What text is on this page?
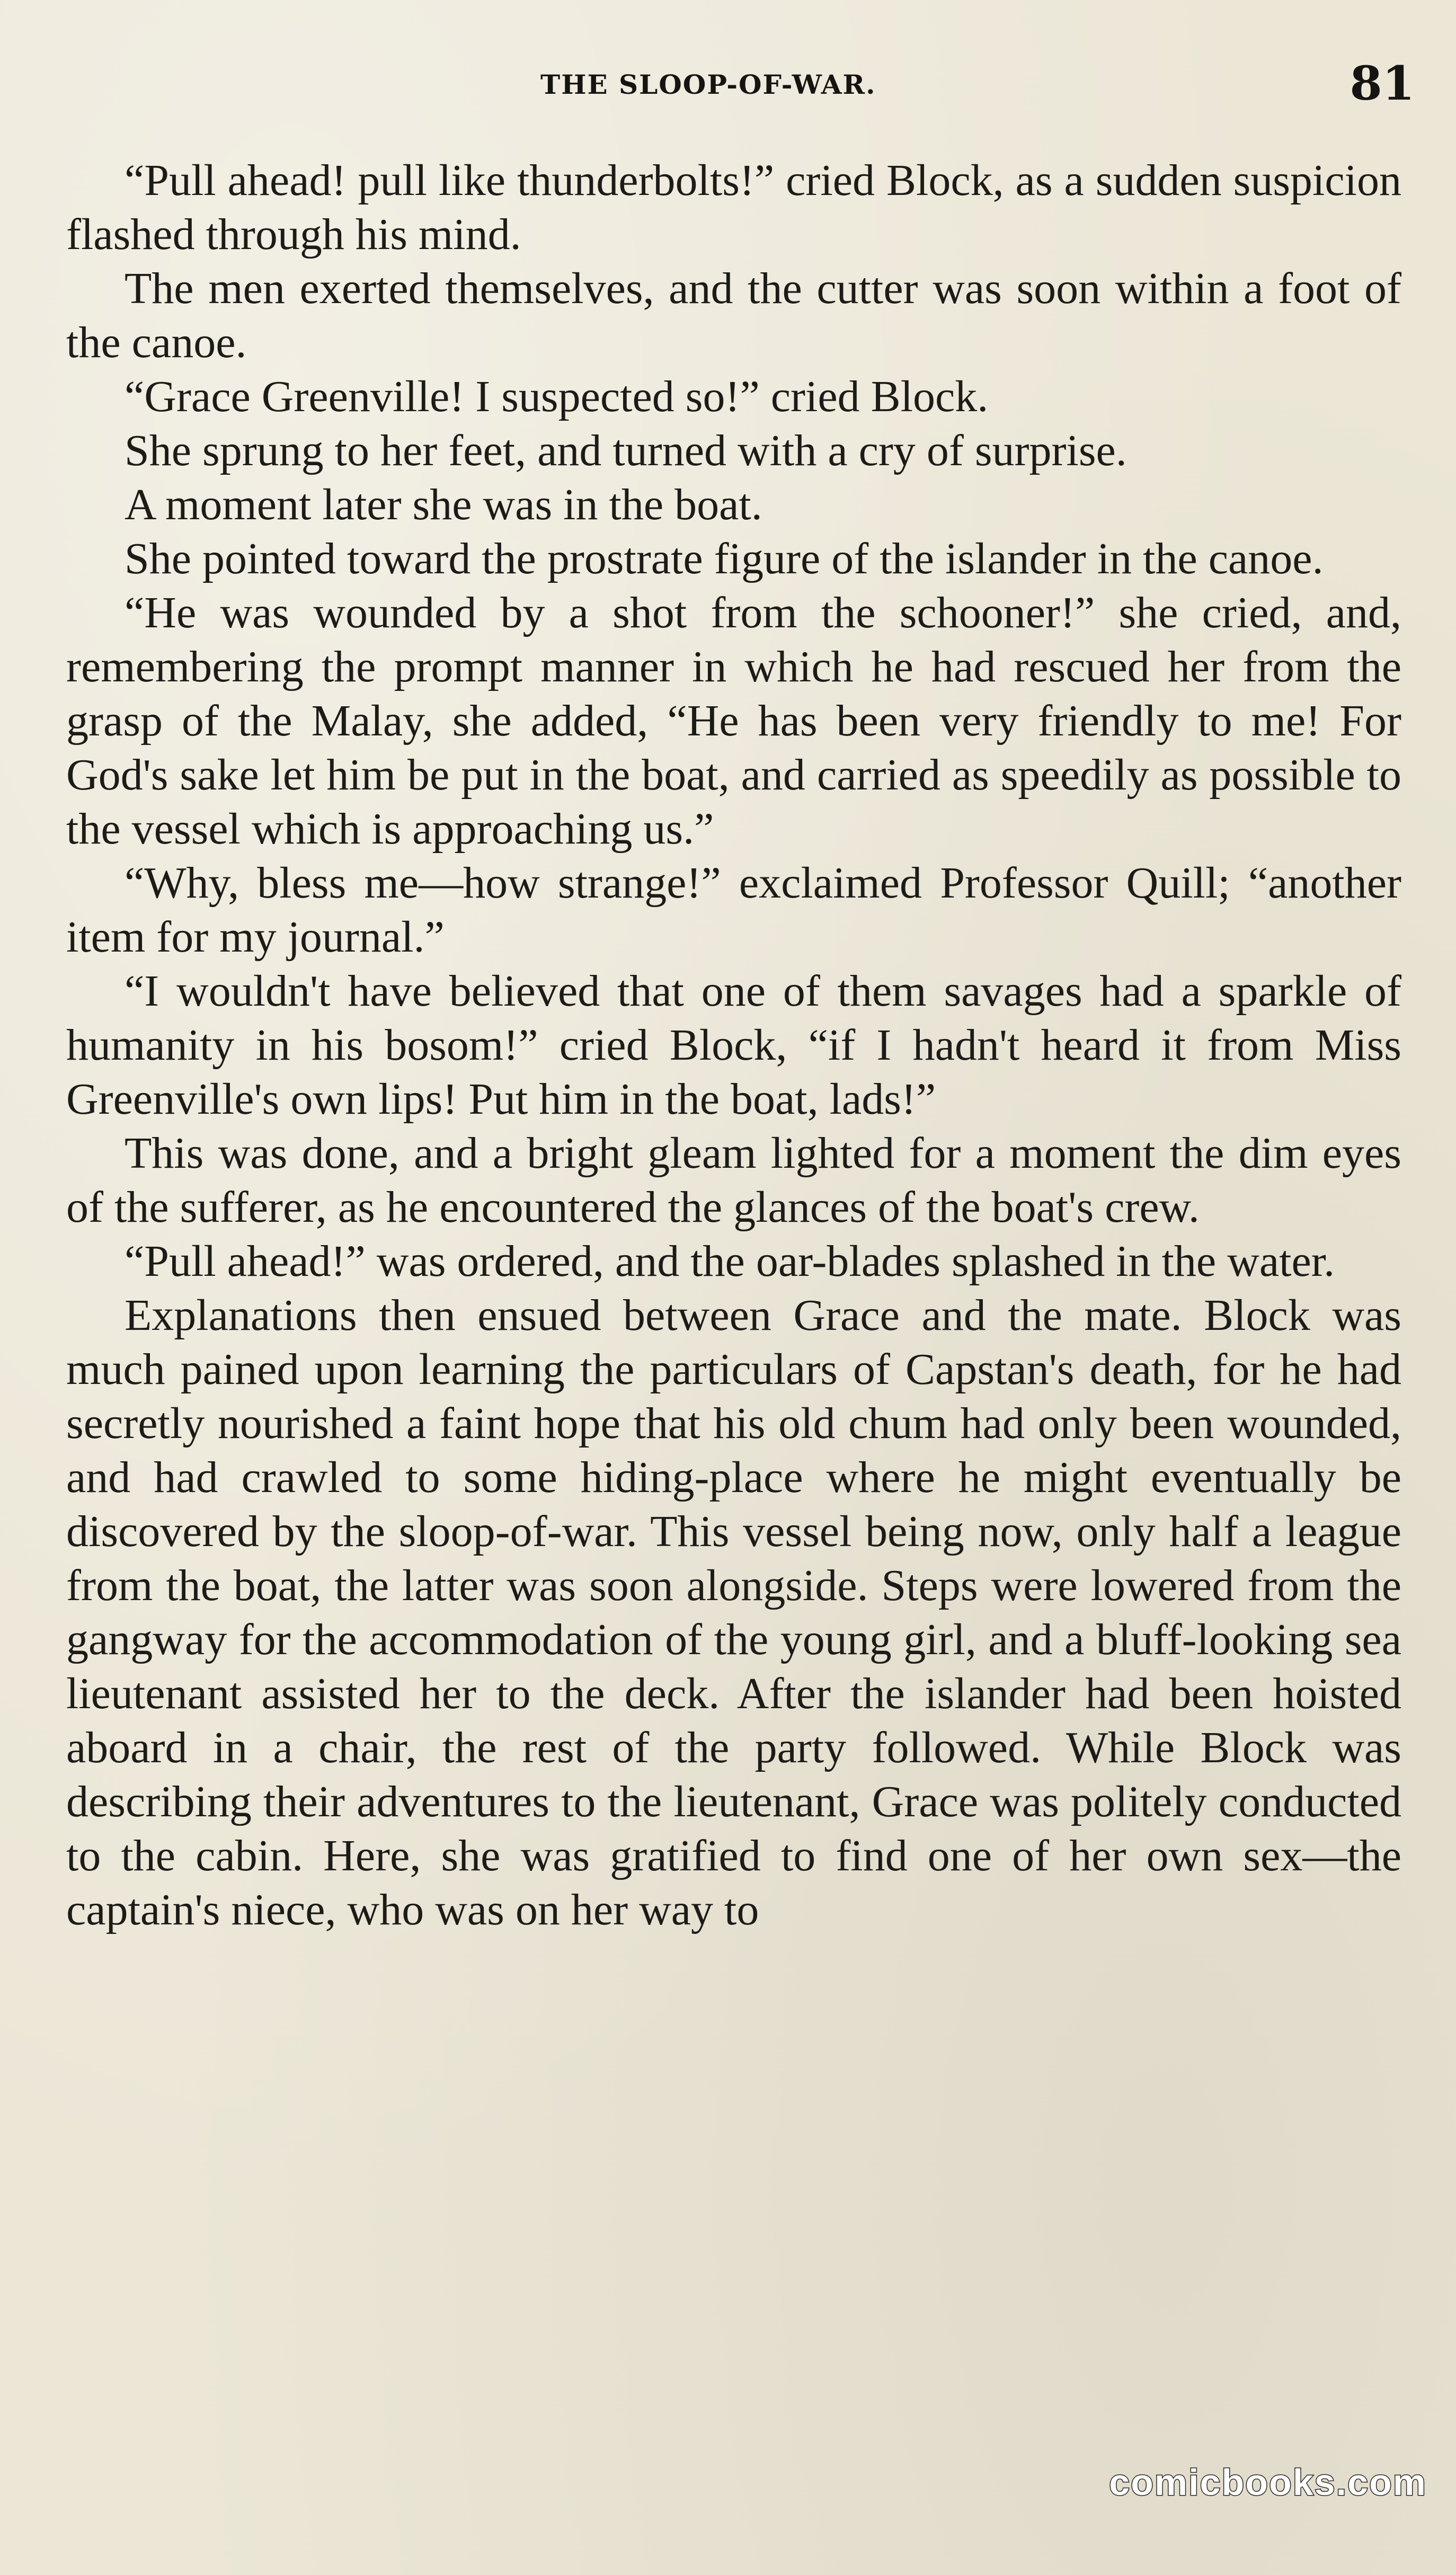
THE SLOOP-OF-WAR.	81

“Pull ahead! pull like thunderbolts!” cried Block, as a sudden suspicion flashed through his mind.

The men exerted themselves, and the cutter was soon within a foot of the canoe.

“Grace Greenville! I suspected so!” cried Block.

She sprung to her feet, and turned with a cry of surprise.

A moment later she was in the boat.

She pointed toward the prostrate figure of the islander in the canoe.

“He was wounded by a shot from the schooner!” she cried, and, remembering the prompt manner in which he had rescued her from the grasp of the Malay, she added, “He has been very friendly to me! For God's sake let him be put in the boat, and carried as speedily as possible to the vessel which is approaching us.”

“Why, bless me—how strange!” exclaimed Professor Quill; “another item for my journal.”

“I wouldn't have believed that one of them savages had a sparkle of humanity in his bosom!” cried Block, “if I hadn't heard it from Miss Greenville's own lips! Put him in the boat, lads!”

This was done, and a bright gleam lighted for a moment the dim eyes of the sufferer, as he encountered the glances of the boat's crew.

“Pull ahead!” was ordered, and the oar-blades splashed in the water.

Explanations then ensued between Grace and the mate. Block was much pained upon learning the particulars of Capstan's death, for he had secretly nourished a faint hope that his old chum had only been wounded, and had crawled to some hiding-place where he might eventually be discovered by the sloop-of-war. This vessel being now, only half a league from the boat, the latter was soon alongside. Steps were lowered from the gangway for the accommodation of the young girl, and a bluff-looking sea lieutenant assisted her to the deck. After the islander had been hoisted aboard in a chair, the rest of the party followed. While Block was describing their adventures to the lieutenant, Grace was politely conducted to the cabin. Here, she was gratified to find one of her own sex—the captain's niece, who was on her way to

comicbooks.com
